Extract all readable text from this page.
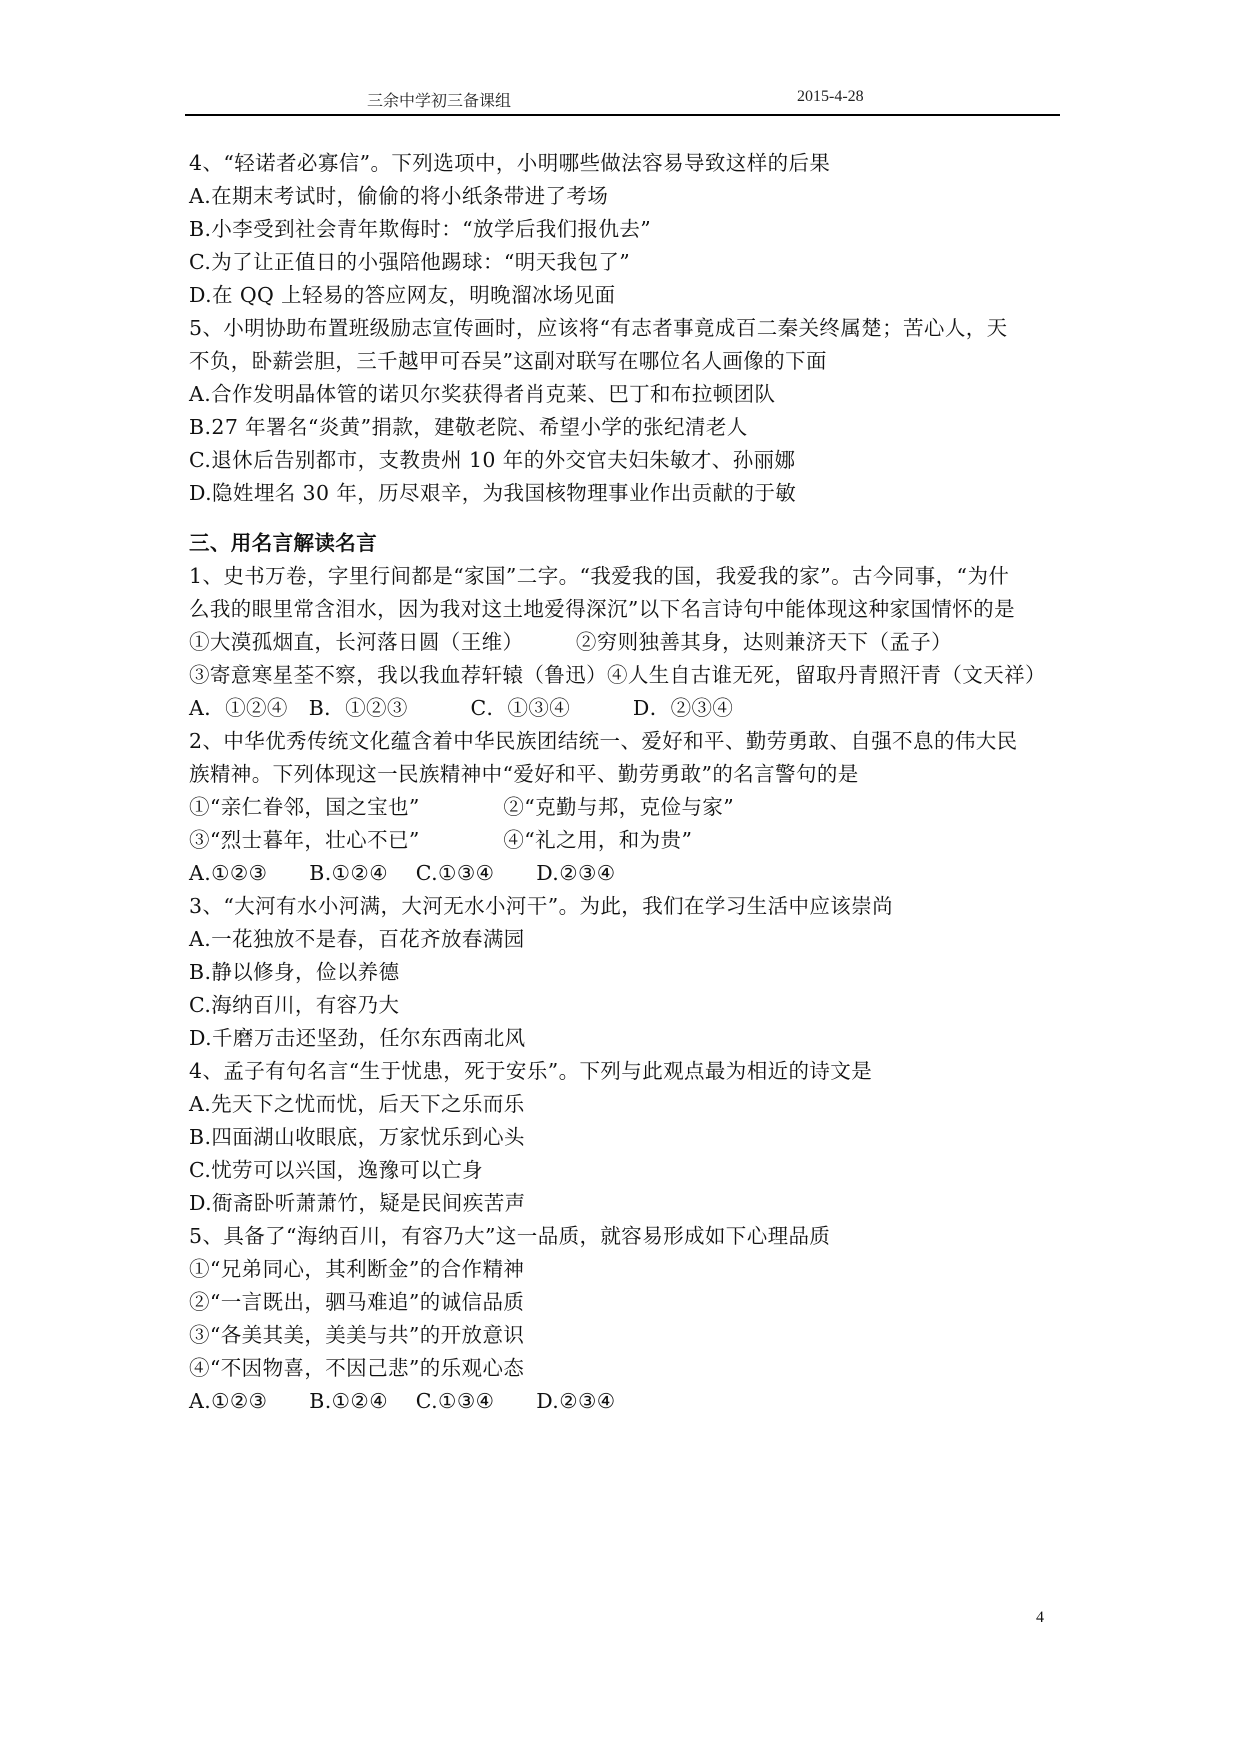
三余中学初三备课组	2015-4-28

4、“轻诺者必寡信”。下列选项中，小明哪些做法容易导致这样的后果

A.在期末考试时，偷偷的将小纸条带进了考场

B.小李受到社会青年欺侮时：“放学后我们报仇去”

C.为了让正值日的小强陪他踢球：“明天我包了”

D.在 QQ 上轻易的答应网友，明晚溜冰场见面

5、小明协助布置班级励志宣传画时，应该将“有志者事竟成百二秦关终属楚；苦心人，天

不负，卧薪尝胆，三千越甲可吞吴”这副对联写在哪位名人画像的下面

A.合作发明晶体管的诺贝尔奖获得者肖克莱、巴丁和布拉顿团队

B.27 年署名“炎黄”捐款，建敬老院、希望小学的张纪清老人

C.退休后告别都市，支教贵州 10 年的外交官夫妇朱敏才、孙丽娜

D.隐姓埋名 30 年，历尽艰辛，为我国核物理事业作出贡献的于敏

三、用名言解读名言

1、史书万卷，字里行间都是“家国”二字。“我爱我的国，我爱我的家”。古今同事，“为什

么我的眼里常含泪水，因为我对这土地爱得深沉”以下名言诗句中能体现这种家国情怀的是

①大漠孤烟直，长河落日圆（王维）　　　②穷则独善其身，达则兼济天下（孟子）

③寄意寒星荃不察，我以我血荐轩辕（鲁迅）④人生自古谁无死，留取丹青照汗青（文天祥）

A．①②④　B．①②③　　　C．①③④　　　D．②③④

2、中华优秀传统文化蕴含着中华民族团结统一、爱好和平、勤劳勇敢、自强不息的伟大民

族精神。下列体现这一民族精神中“爱好和平、勤劳勇敢”的名言警句的是

①“亲仁眷邻，国之宝也”　　　　②“克勤与邦，克俭与家”

③“烈士暮年，壮心不已”　　　　④“礼之用，和为贵”

A.①②③　　B.①②④　 C.①③④　　D.②③④

3、“大河有水小河满，大河无水小河干”。为此，我们在学习生活中应该崇尚

A.一花独放不是春，百花齐放春满园

B.静以修身，俭以养德

C.海纳百川，有容乃大

D.千磨万击还坚劲，任尔东西南北风

4、孟子有句名言“生于忧患，死于安乐”。下列与此观点最为相近的诗文是

A.先天下之忧而忧，后天下之乐而乐

B.四面湖山收眼底，万家忧乐到心头

C.忧劳可以兴国，逸豫可以亡身

D.衙斋卧听萧萧竹，疑是民间疾苦声

5、具备了“海纳百川，有容乃大”这一品质，就容易形成如下心理品质

①“兄弟同心，其利断金”的合作精神

②“一言既出，驷马难追”的诚信品质

③“各美其美，美美与共”的开放意识

④“不因物喜，不因己悲”的乐观心态

A.①②③　　B.①②④　 C.①③④　　D.②③④

4
